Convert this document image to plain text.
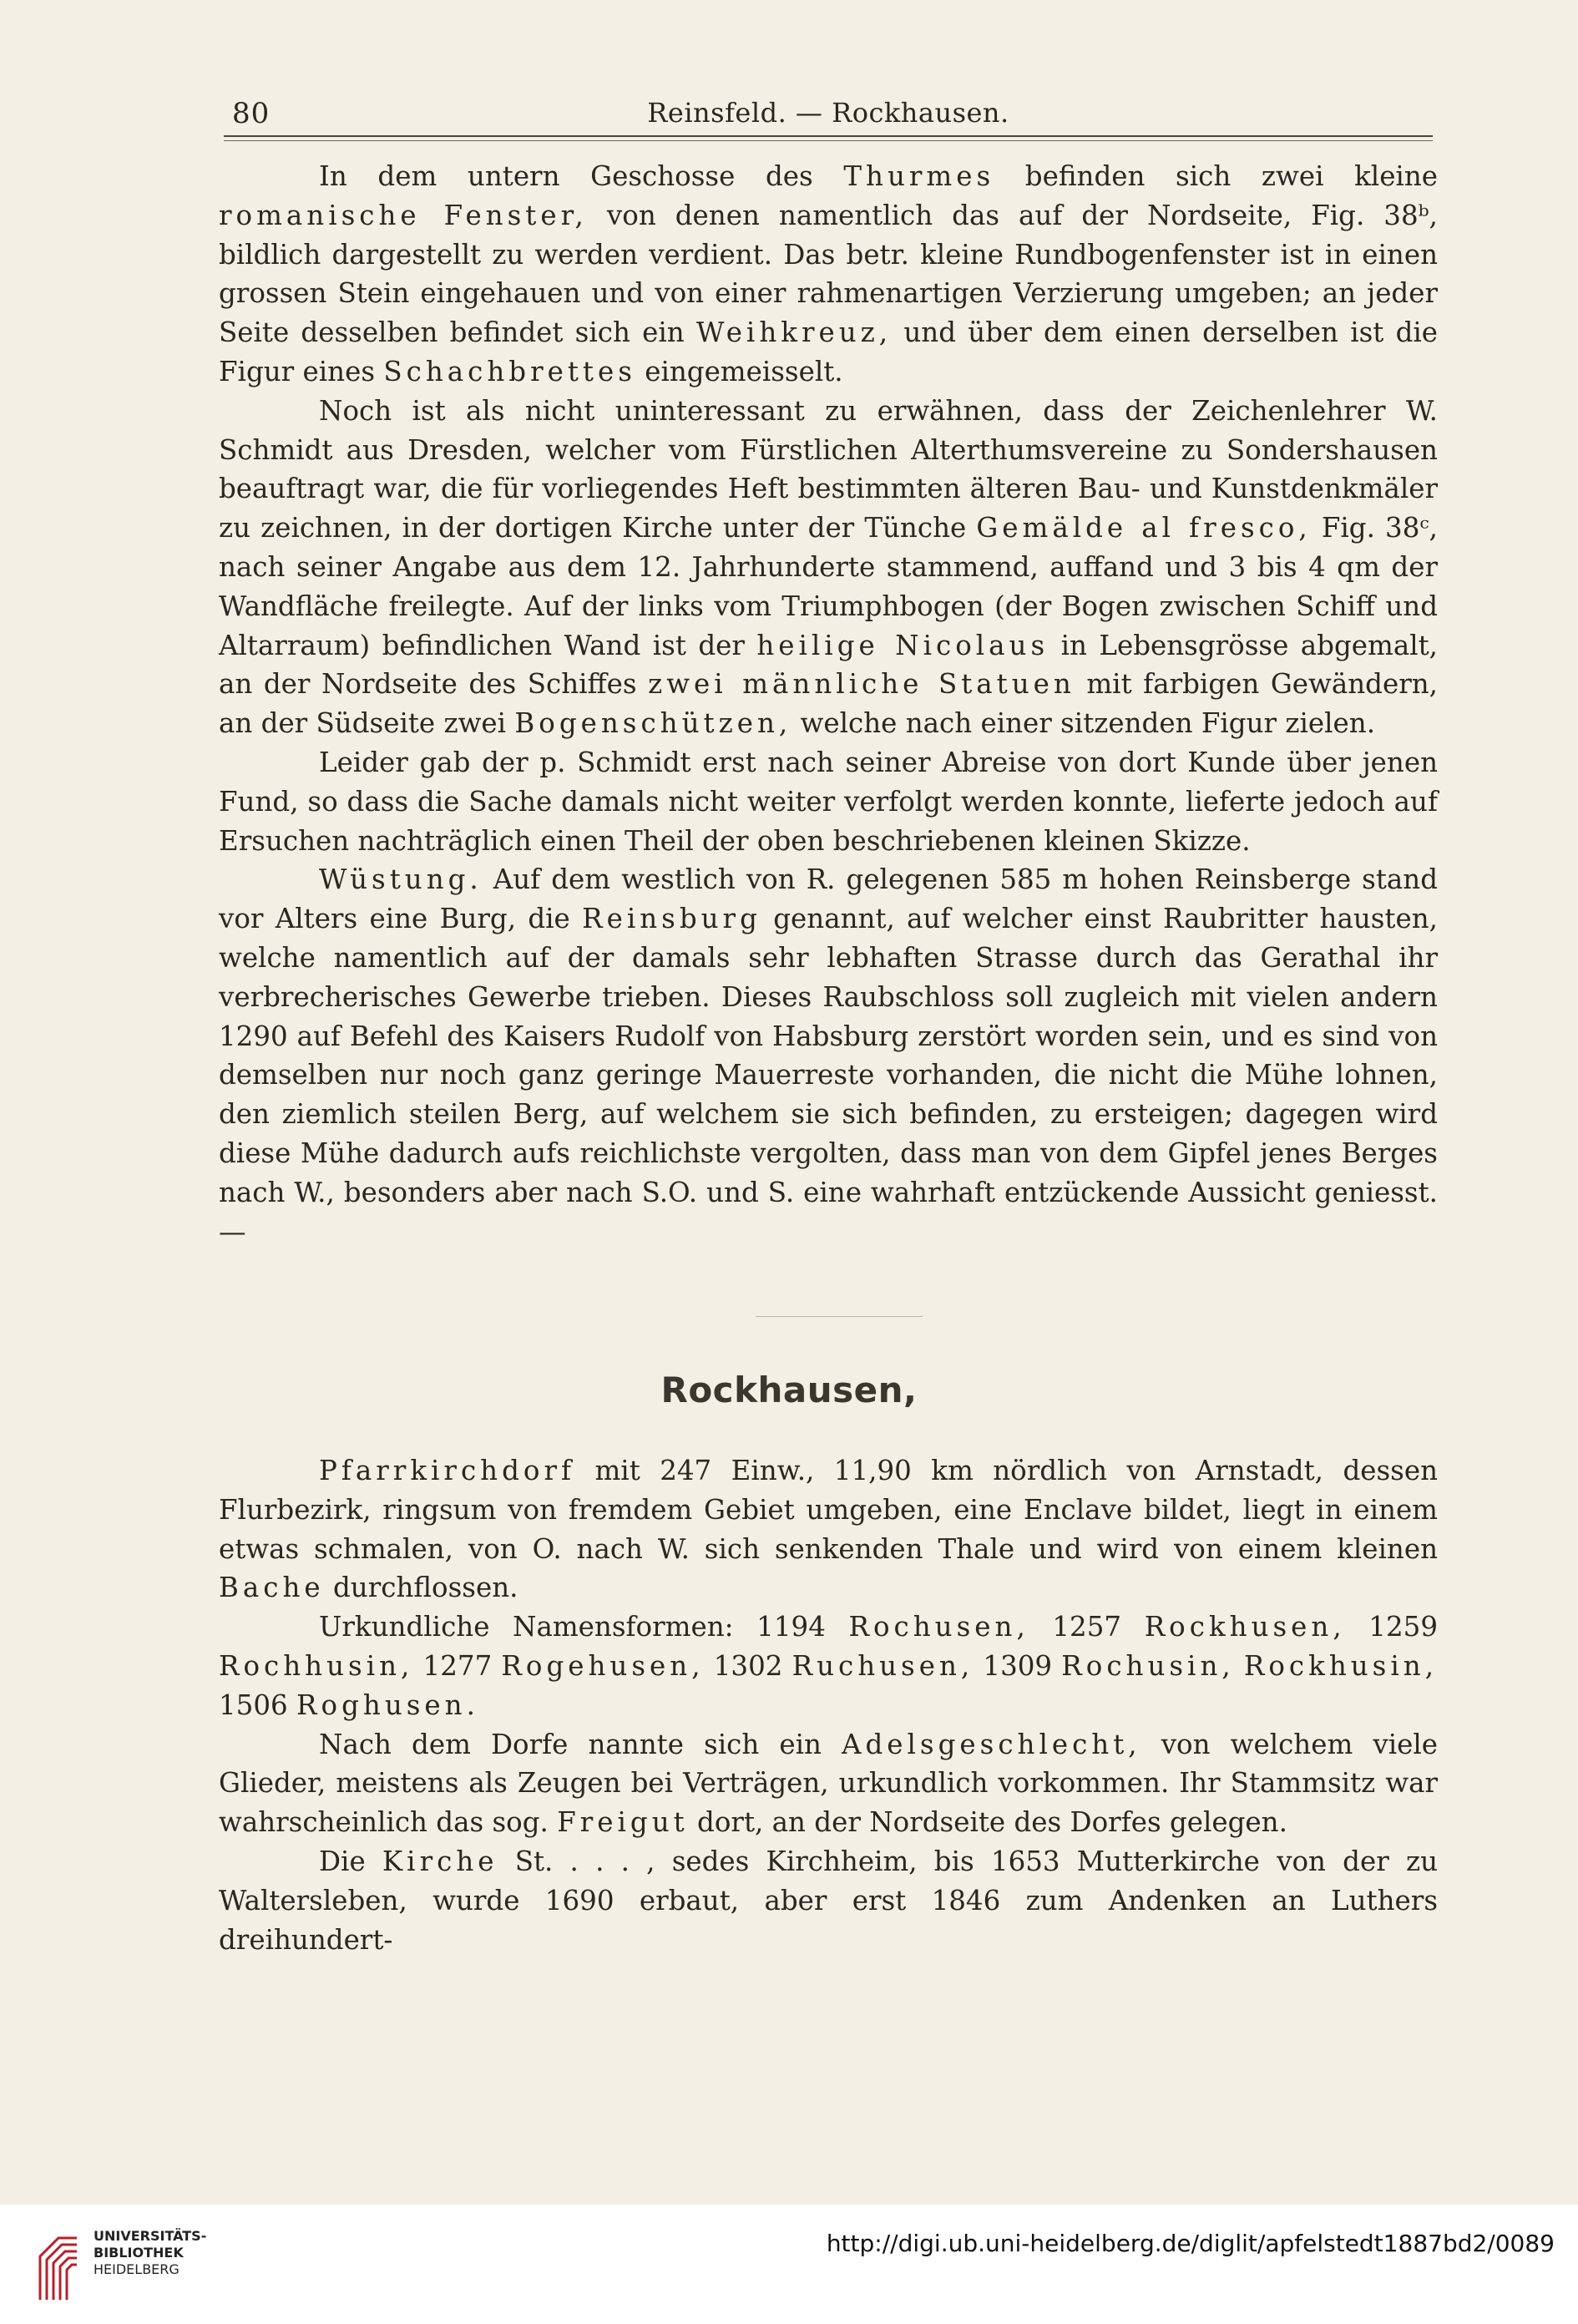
80	Reinsfeld. — Rockhausen.

In dem untern Geschosse des Thurmes befinden sich zwei kleine romanische Fenster, von denen namentlich das auf der Nordseite, Fig. 38ᵇ, bildlich dargestellt zu werden verdient. Das betr. kleine Rundbogenfenster ist in einen grossen Stein eingehauen und von einer rahmenartigen Verzierung umgeben; an jeder Seite desselben befindet sich ein Weihkreuz, und über dem einen derselben ist die Figur eines Schachbrettes eingemeisselt.

Noch ist als nicht uninteressant zu erwähnen, dass der Zeichenlehrer W. Schmidt aus Dresden, welcher vom Fürstlichen Alterthumsvereine zu Sondershausen beauftragt war, die für vorliegendes Heft bestimmten älteren Bau- und Kunstdenkmäler zu zeichnen, in der dortigen Kirche unter der Tünche Gemälde al fresco, Fig. 38ᶜ, nach seiner Angabe aus dem 12. Jahrhunderte stammend, auffand und 3 bis 4 qm der Wandfläche freilegte. Auf der links vom Triumphbogen (der Bogen zwischen Schiff und Altarraum) befindlichen Wand ist der heilige Nicolaus in Lebensgrösse abgemalt, an der Nordseite des Schiffes zwei männliche Statuen mit farbigen Gewändern, an der Südseite zwei Bogenschützen, welche nach einer sitzenden Figur zielen.

Leider gab der p. Schmidt erst nach seiner Abreise von dort Kunde über jenen Fund, so dass die Sache damals nicht weiter verfolgt werden konnte, lieferte jedoch auf Ersuchen nachträglich einen Theil der oben beschriebenen kleinen Skizze.

Wüstung. Auf dem westlich von R. gelegenen 585 m hohen Reinsberge stand vor Alters eine Burg, die Reinsburg genannt, auf welcher einst Raubritter hausten, welche namentlich auf der damals sehr lebhaften Strasse durch das Gerathal ihr verbrecherisches Gewerbe trieben. Dieses Raubschloss soll zugleich mit vielen andern 1290 auf Befehl des Kaisers Rudolf von Habsburg zerstört worden sein, und es sind von demselben nur noch ganz geringe Mauerreste vorhanden, die nicht die Mühe lohnen, den ziemlich steilen Berg, auf welchem sie sich befinden, zu ersteigen; dagegen wird diese Mühe dadurch aufs reichlichste vergolten, dass man von dem Gipfel jenes Berges nach W., besonders aber nach S.O. und S. eine wahrhaft entzückende Aussicht geniesst. —

Rockhausen,

Pfarrkirchdorf mit 247 Einw., 11,90 km nördlich von Arnstadt, dessen Flurbezirk, ringsum von fremdem Gebiet umgeben, eine Enclave bildet, liegt in einem etwas schmalen, von O. nach W. sich senkenden Thale und wird von einem kleinen Bache durchflossen.

Urkundliche Namensformen: 1194 Rochusen, 1257 Rockhusen, 1259 Rochhusin, 1277 Rogehusen, 1302 Ruchusen, 1309 Rochusin, Rockhusin, 1506 Roghusen.

Nach dem Dorfe nannte sich ein Adelsgeschlecht, von welchem viele Glieder, meistens als Zeugen bei Verträgen, urkundlich vorkommen. Ihr Stammsitz war wahrscheinlich das sog. Freigut dort, an der Nordseite des Dorfes gelegen.

Die Kirche St. . . . , sedes Kirchheim, bis 1653 Mutterkirche von der zu Waltersleben, wurde 1690 erbaut, aber erst 1846 zum Andenken an Luthers dreihundert-

UNIVERSITÄTS-
BIBLIOTHEK
HEIDELBERG
http://digi.ub.uni-heidelberg.de/diglit/apfelstedt1887bd2/0089
